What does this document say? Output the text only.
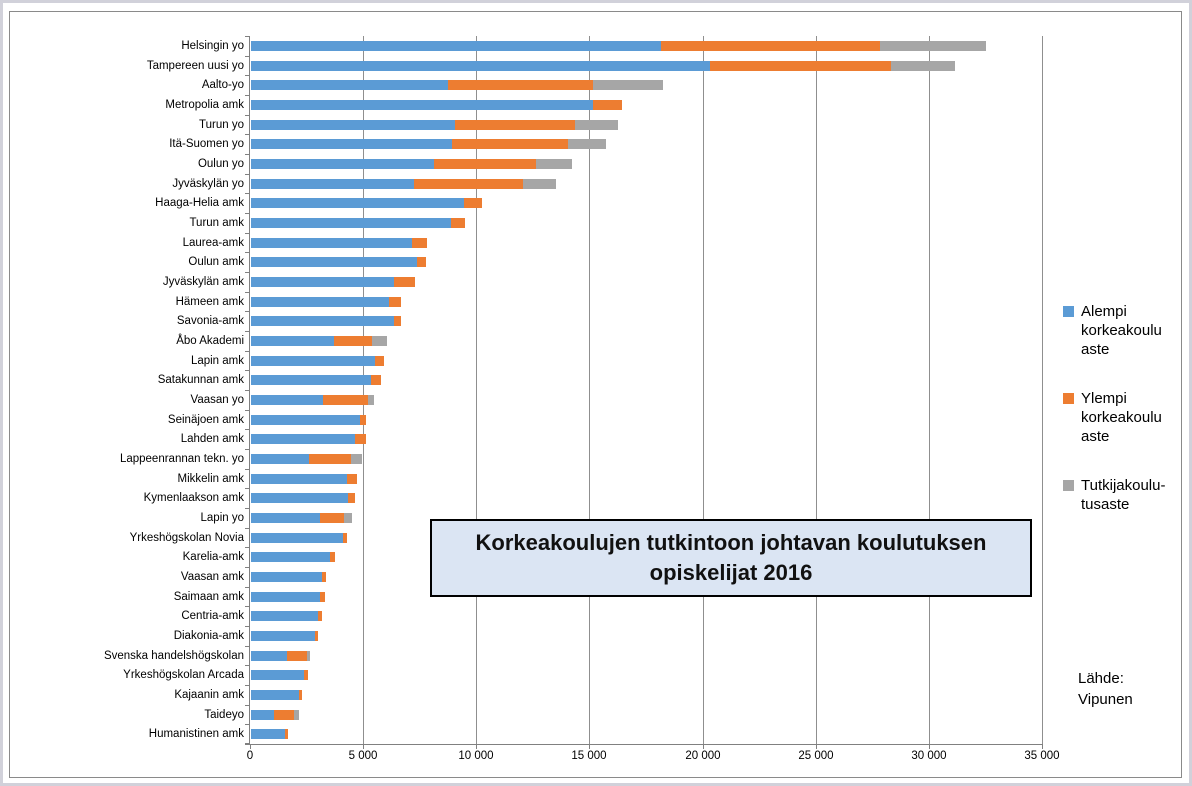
Helsingin yo
Tampereen uusi yo
Aalto-yo
Metropolia amk
Turun yo
Itä-Suomen yo
Oulun yo
Jyväskylän yo
Haaga-Helia amk
Turun amk
Laurea-amk
Oulun amk
Jyväskylän amk
Hämeen amk
Savonia-amk
Åbo Akademi
Lapin amk
Satakunnan amk
Vaasan yo
Seinäjoen amk
Lahden amk
Lappeenrannan tekn. yo
Mikkelin amk
Kymenlaakson amk
Lapin yo
Yrkeshögskolan Novia
Karelia-amk
Vaasan amk
Saimaan amk
Centria-amk
Diakonia-amk
Svenska handelshögskolan
Yrkeshögskolan Arcada
Kajaanin amk
Taideyo
Humanistinen amk
0	5 000	10 000	15 000	20 000	25 000	30 000	35 000
Korkeakoulujen tutkintoon johtavan koulutuksen opiskelijat 2016
Alempi korkeakoulu aste
Ylempi korkeakoulu aste
Tutkijakoulu-tusaste
Lähde:
Vipunen
